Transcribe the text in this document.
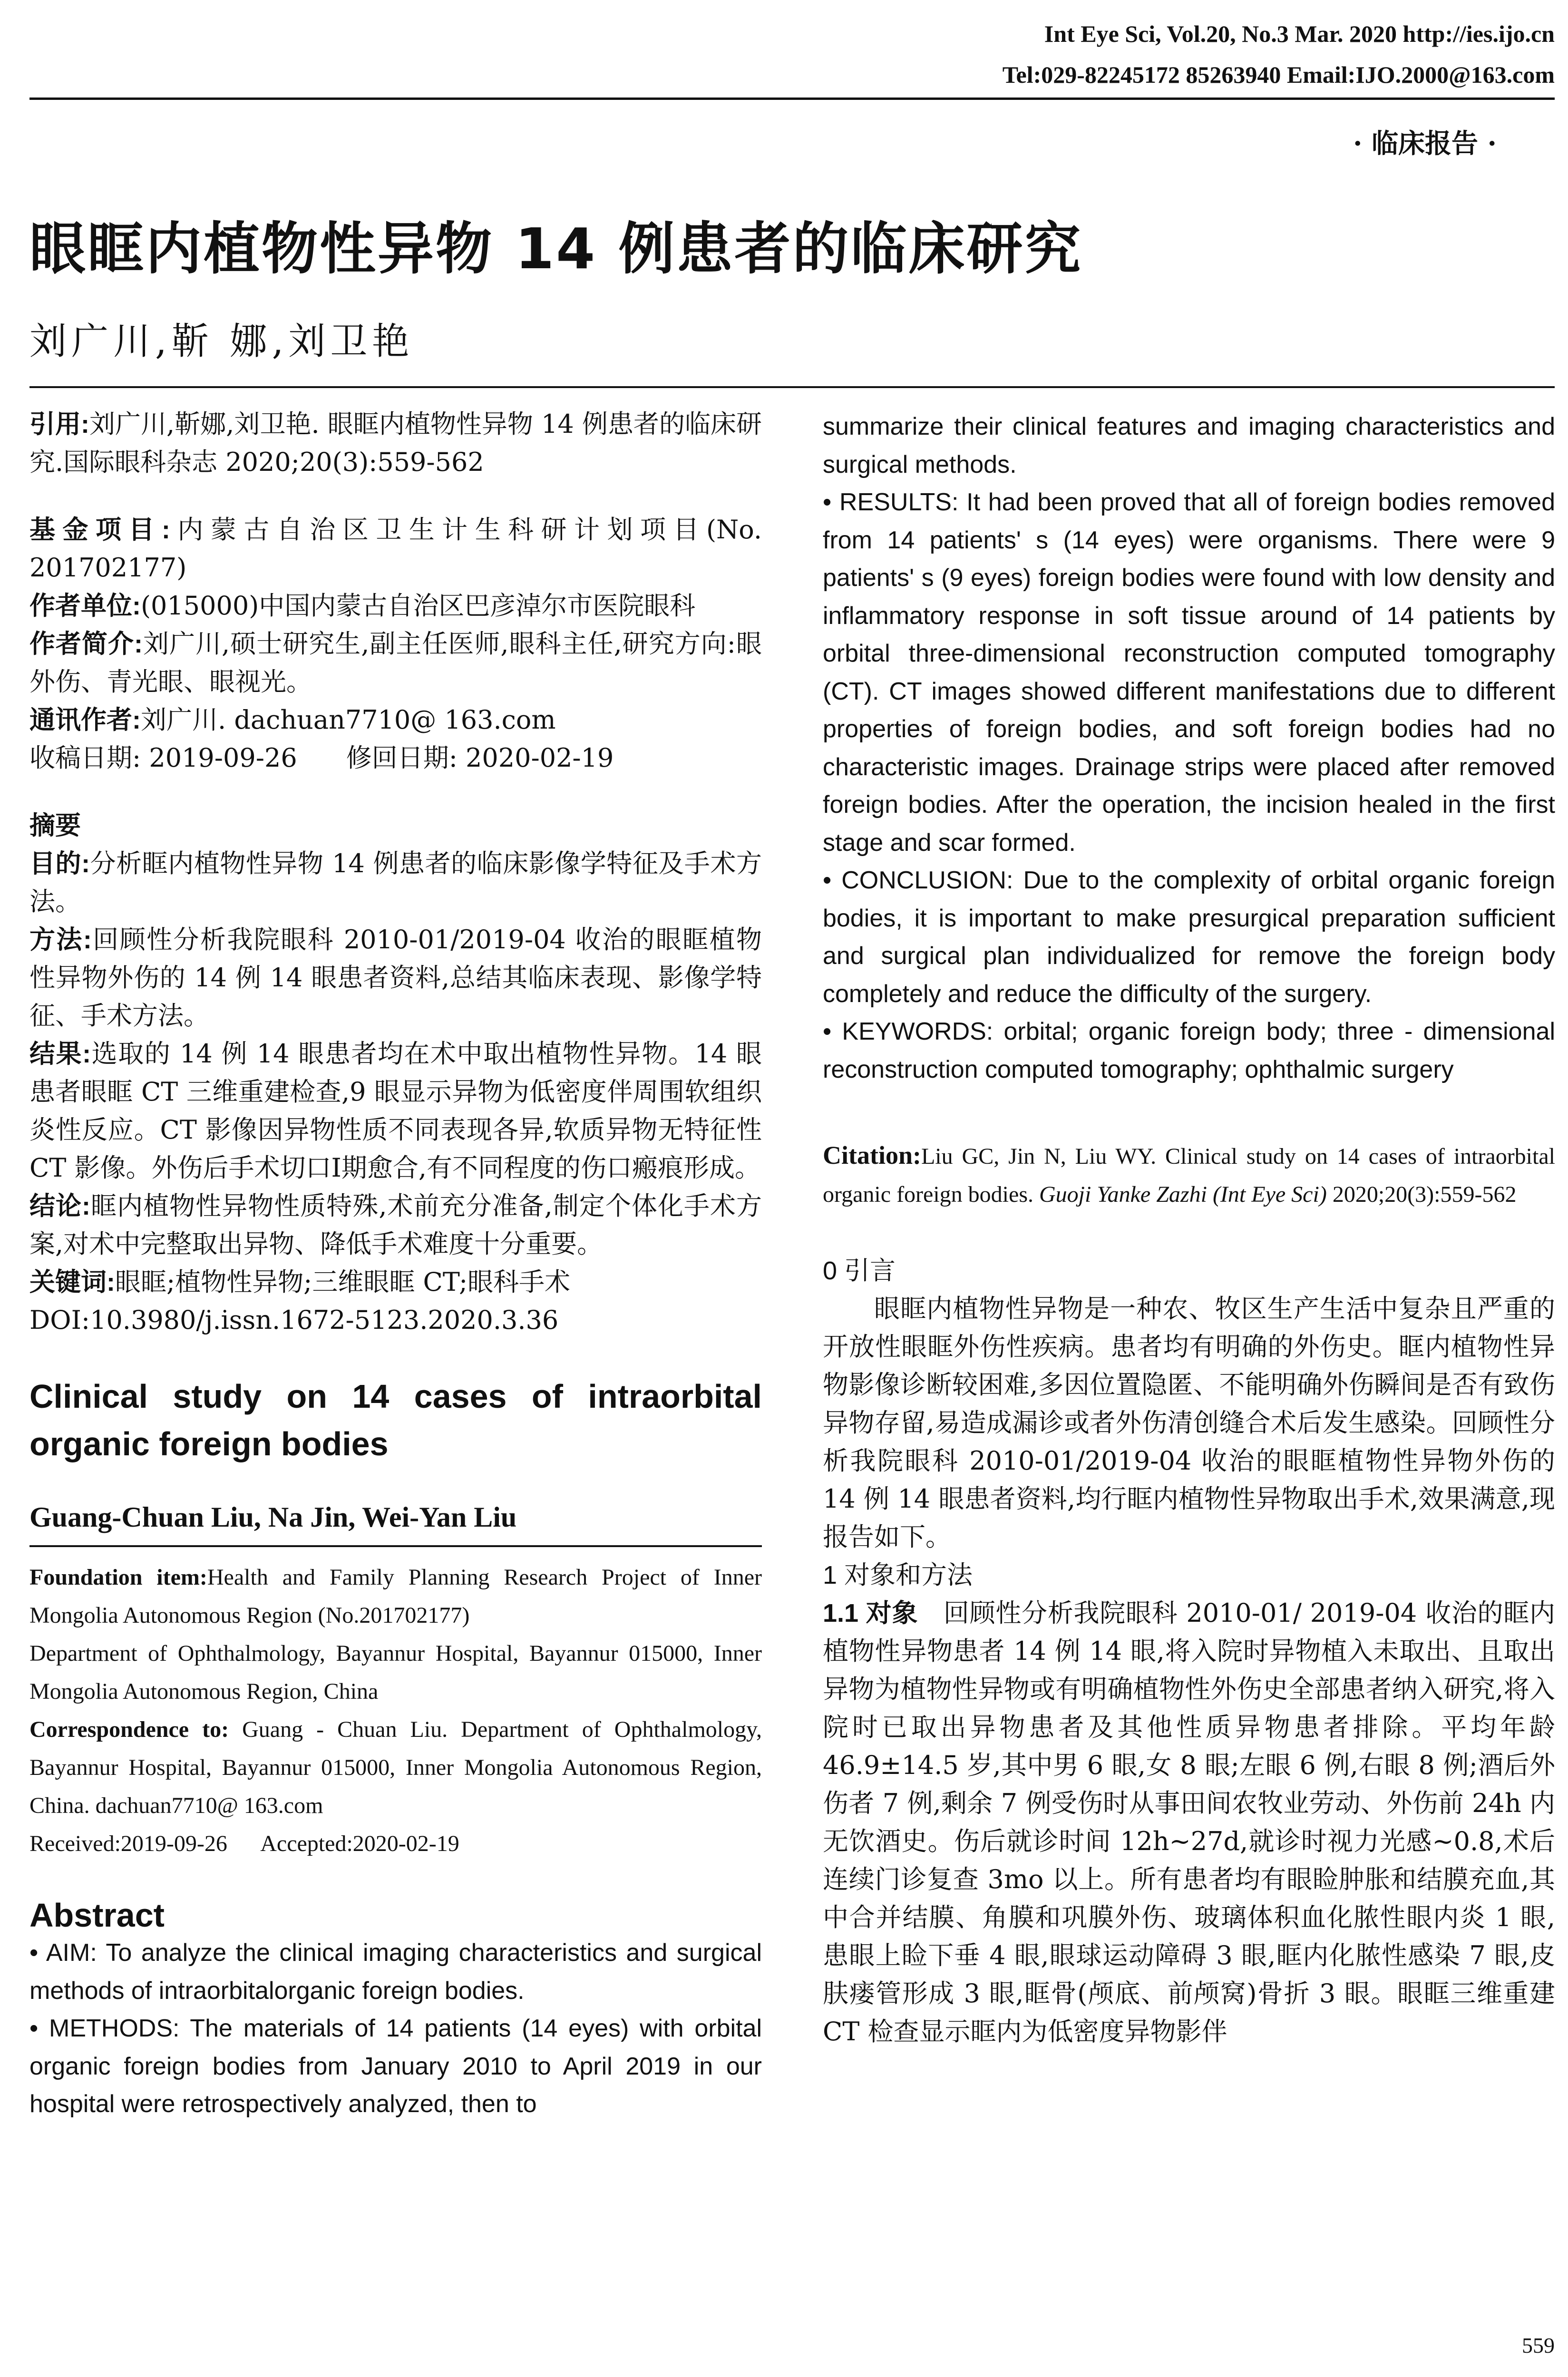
Int Eye Sci, Vol.20, No.3 Mar. 2020 http://ies.ijo.cn
Tel:029-82245172 85263940 Email:IJO.2000@163.com
· 临床报告 ·
眼眶内植物性异物 14 例患者的临床研究
刘广川,靳 娜,刘卫艳

引用:刘广川,靳娜,刘卫艳. 眼眶内植物性异物 14 例患者的临床研究.国际眼科杂志 2020;20(3):559-562

基金项目:内蒙古自治区卫生计生科研计划项目(No. 201702177)

作者单位:(015000)中国内蒙古自治区巴彦淖尔市医院眼科

作者简介:刘广川,硕士研究生,副主任医师,眼科主任,研究方向:眼外伤、青光眼、眼视光。

通讯作者:刘广川. dachuan7710@ 163.com

收稿日期: 2019-09-26      修回日期: 2020-02-19

摘要

目的:分析眶内植物性异物 14 例患者的临床影像学特征及手术方法。

方法:回顾性分析我院眼科 2010-01/2019-04 收治的眼眶植物性异物外伤的 14 例 14 眼患者资料,总结其临床表现、影像学特征、手术方法。

结果:选取的 14 例 14 眼患者均在术中取出植物性异物。14 眼患者眼眶 CT 三维重建检查,9 眼显示异物为低密度伴周围软组织炎性反应。CT 影像因异物性质不同表现各异,软质异物无特征性 CT 影像。外伤后手术切口Ⅰ期愈合,有不同程度的伤口瘢痕形成。

结论:眶内植物性异物性质特殊,术前充分准备,制定个体化手术方案,对术中完整取出异物、降低手术难度十分重要。

关键词:眼眶;植物性异物;三维眼眶 CT;眼科手术

DOI:10.3980/j.issn.1672-5123.2020.3.36

Clinical study on 14 cases of intraorbital organic foreign bodies

Guang-Chuan Liu, Na Jin, Wei-Yan Liu

Foundation item:Health and Family Planning Research Project of Inner Mongolia Autonomous Region (No.201702177)

Department of Ophthalmology, Bayannur Hospital, Bayannur 015000, Inner Mongolia Autonomous Region, China

Correspondence to: Guang - Chuan Liu. Department of Ophthalmology, Bayannur Hospital, Bayannur 015000, Inner Mongolia Autonomous Region, China. dachuan7710@ 163.com

Received:2019-09-26      Accepted:2020-02-19

Abstract

• AIM: To analyze the clinical imaging characteristics and surgical methods of intraorbitalorganic foreign bodies.

• METHODS: The materials of 14 patients (14 eyes) with orbital organic foreign bodies from January 2010 to April 2019 in our hospital were retrospectively analyzed, then to

summarize their clinical features and imaging characteristics and surgical methods.

• RESULTS: It had been proved that all of foreign bodies removed from 14 patients' s (14 eyes) were organisms. There were 9 patients' s (9 eyes) foreign bodies were found with low density and inflammatory response in soft tissue around of 14 patients by orbital three-dimensional reconstruction computed tomography (CT). CT images showed different manifestations due to different properties of foreign bodies, and soft foreign bodies had no characteristic images. Drainage strips were placed after removed foreign bodies. After the operation, the incision healed in the first stage and scar formed.

• CONCLUSION: Due to the complexity of orbital organic foreign bodies, it is important to make presurgical preparation sufficient and surgical plan individualized for remove the foreign body completely and reduce the difficulty of the surgery.

• KEYWORDS: orbital; organic foreign body; three - dimensional reconstruction computed tomography; ophthalmic surgery

Citation:Liu GC, Jin N, Liu WY. Clinical study on 14 cases of intraorbital organic foreign bodies. Guoji Yanke Zazhi (Int Eye Sci) 2020;20(3):559-562

0 引言

眼眶内植物性异物是一种农、牧区生产生活中复杂且严重的开放性眼眶外伤性疾病。患者均有明确的外伤史。眶内植物性异物影像诊断较困难,多因位置隐匿、不能明确外伤瞬间是否有致伤异物存留,易造成漏诊或者外伤清创缝合术后发生感染。回顾性分析我院眼科 2010-01/2019-04 收治的眼眶植物性异物外伤的 14 例 14 眼患者资料,均行眶内植物性异物取出手术,效果满意,现报告如下。

1 对象和方法

1.1 对象 回顾性分析我院眼科 2010-01/ 2019-04 收治的眶内植物性异物患者 14 例 14 眼,将入院时异物植入未取出、且取出异物为植物性异物或有明确植物性外伤史全部患者纳入研究,将入院时已取出异物患者及其他性质异物患者排除。平均年龄 46.9±14.5 岁,其中男 6 眼,女 8 眼;左眼 6 例,右眼 8 例;酒后外伤者 7 例,剩余 7 例受伤时从事田间农牧业劳动、外伤前 24h 内无饮酒史。伤后就诊时间 12h~27d,就诊时视力光感~0.8,术后连续门诊复查 3mo 以上。所有患者均有眼睑肿胀和结膜充血,其中合并结膜、角膜和巩膜外伤、玻璃体积血化脓性眼内炎 1 眼,患眼上睑下垂 4 眼,眼球运动障碍 3 眼,眶内化脓性感染 7 眼,皮肤瘘管形成 3 眼,眶骨(颅底、前颅窝)骨折 3 眼。眼眶三维重建 CT 检查显示眶内为低密度异物影伴

559
